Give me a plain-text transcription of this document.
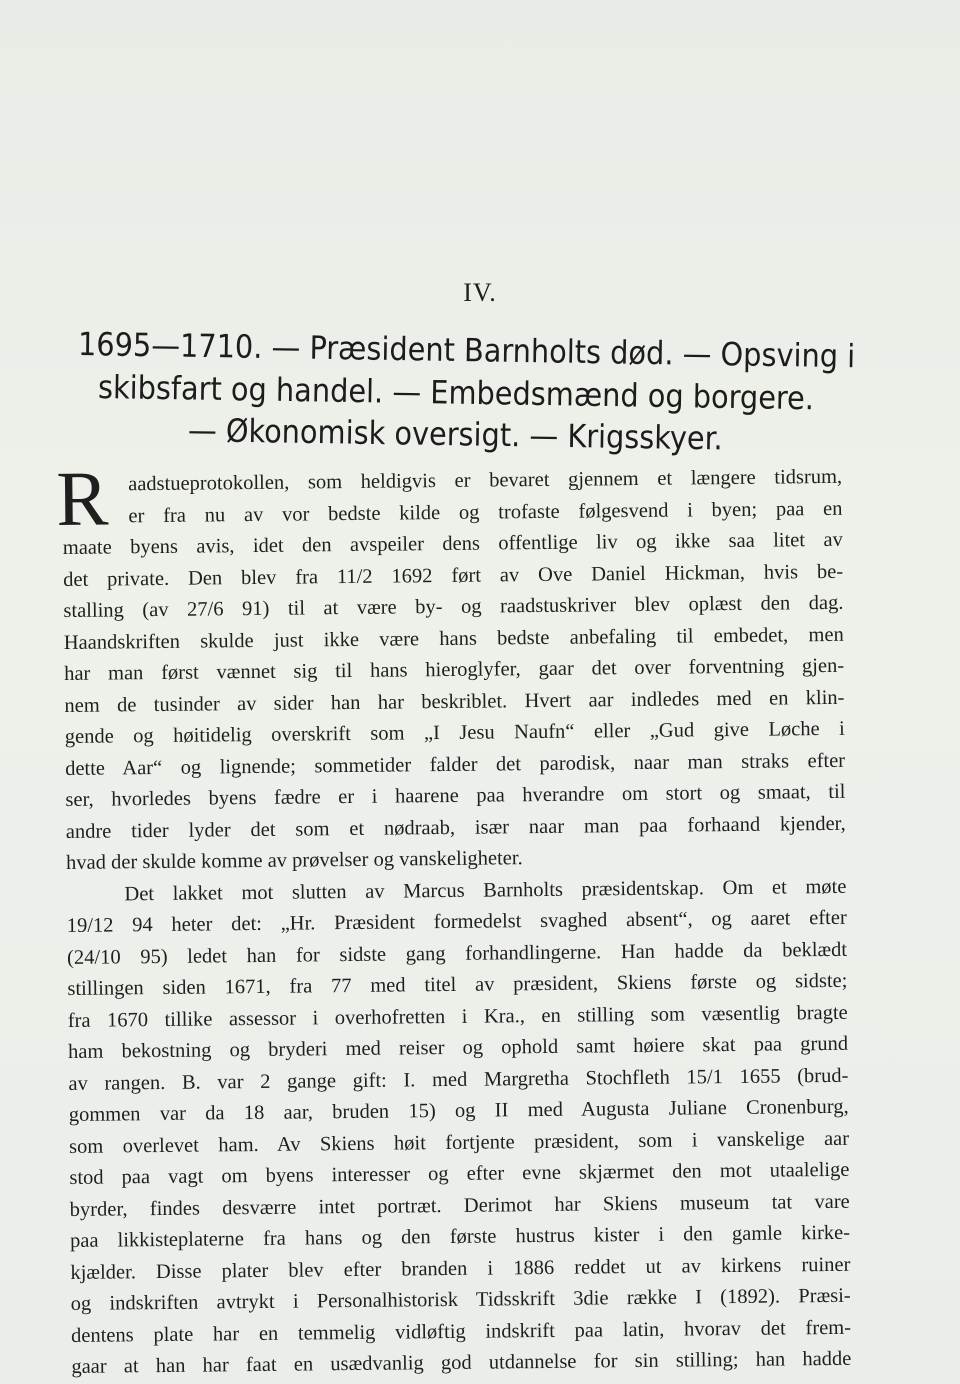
IV.
1695—1710. — Præsident Barnholts død. — Opsving i
skibsfart og handel. — Embedsmænd og borgere.
— Økonomisk oversigt. — Krigsskyer.
R aadstueprotokollen, som heldigvis er bevaret gjennem et længere tidsrum,
er fra nu av vor bedste kilde og trofaste følgesvend i byen; paa en
maate byens avis, idet den avspeiler dens offentlige liv og ikke saa litet av
det private. Den blev fra 11/2 1692 ført av Ove Daniel Hickman, hvis be-
stalling (av 27/6 91) til at være by- og raadstuskriver blev oplæst den dag.
Haandskriften skulde just ikke være hans bedste anbefaling til embedet, men
har man først vænnet sig til hans hieroglyfer, gaar det over forventning gjen-
nem de tusinder av sider han har beskriblet. Hvert aar indledes med en klin-
gende og høitidelig overskrift som „I Jesu Naufn“ eller „Gud give Løche i
dette Aar“ og lignende; sommetider falder det parodisk, naar man straks efter
ser, hvorledes byens fædre er i haarene paa hverandre om stort og smaat, til
andre tider lyder det som et nødraab, især naar man paa forhaand kjender,
hvad der skulde komme av prøvelser og vanskeligheter.
Det lakket mot slutten av Marcus Barnholts præsidentskap. Om et møte
19/12 94 heter det: „Hr. Præsident formedelst svaghed absent“, og aaret efter
(24/10 95) ledet han for sidste gang forhandlingerne. Han hadde da beklædt
stillingen siden 1671, fra 77 med titel av præsident, Skiens første og sidste;
fra 1670 tillike assessor i overhofretten i Kra., en stilling som væsentlig bragte
ham bekostning og bryderi med reiser og ophold samt høiere skat paa grund
av rangen. B. var 2 gange gift: I. med Margretha Stochfleth 15/1 1655 (brud-
gommen var da 18 aar, bruden 15) og II med Augusta Juliane Cronenburg,
som overlevet ham. Av Skiens høit fortjente præsident, som i vanskelige aar
stod paa vagt om byens interesser og efter evne skjærmet den mot utaalelige
byrder, findes desværre intet portræt. Derimot har Skiens museum tat vare
paa likkisteplaterne fra hans og den første hustrus kister i den gamle kirke-
kjælder. Disse plater blev efter branden i 1886 reddet ut av kirkens ruiner
og indskriften avtrykt i Personalhistorisk Tidsskrift 3die række I (1892). Præsi-
dentens plate har en temmelig vidløftig indskrift paa latin, hvorav det frem-
gaar at han har faat en usædvanlig god utdannelse for sin stilling; han hadde
